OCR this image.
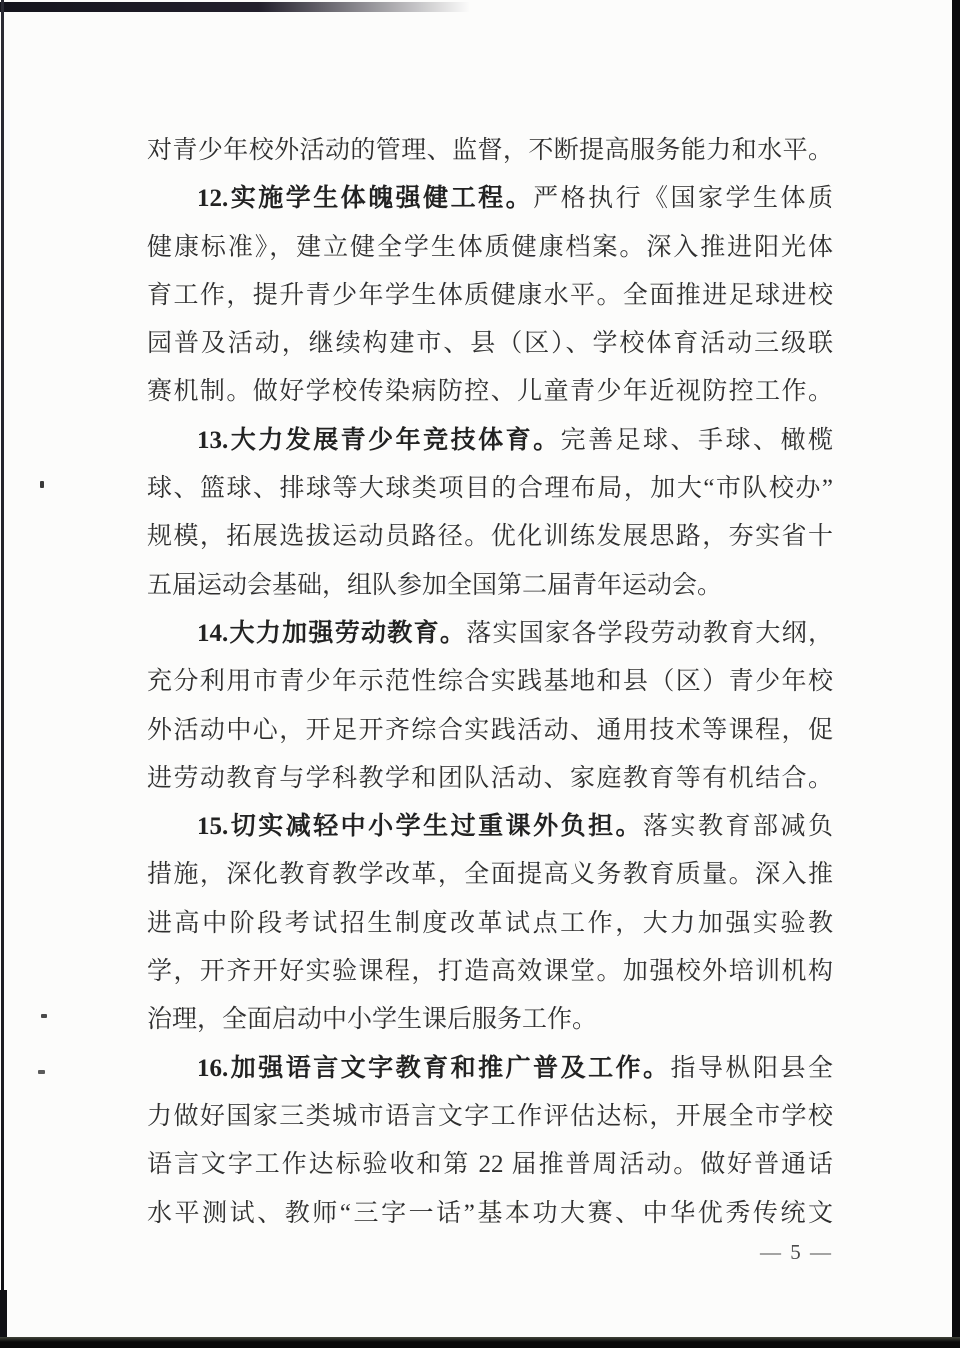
对青少年校外活动的管理、监督，不断提高服务能力和水平。
12.实施学生体魄强健工程。严格执行《国家学生体质
健康标准》，建立健全学生体质健康档案。深入推进阳光体
育工作，提升青少年学生体质健康水平。全面推进足球进校
园普及活动，继续构建市、县（区）、学校体育活动三级联
赛机制。做好学校传染病防控、儿童青少年近视防控工作。
13.大力发展青少年竞技体育。完善足球、手球、橄榄
球、篮球、排球等大球类项目的合理布局，加大“市队校办”
规模，拓展选拔运动员路径。优化训练发展思路，夯实省十
五届运动会基础，组队参加全国第二届青年运动会。
14.大力加强劳动教育。落实国家各学段劳动教育大纲，
充分利用市青少年示范性综合实践基地和县（区）青少年校
外活动中心，开足开齐综合实践活动、通用技术等课程，促
进劳动教育与学科教学和团队活动、家庭教育等有机结合。
15.切实减轻中小学生过重课外负担。落实教育部减负
措施，深化教育教学改革，全面提高义务教育质量。深入推
进高中阶段考试招生制度改革试点工作，大力加强实验教
学，开齐开好实验课程，打造高效课堂。加强校外培训机构
治理，全面启动中小学生课后服务工作。
16.加强语言文字教育和推广普及工作。指导枞阳县全
力做好国家三类城市语言文字工作评估达标，开展全市学校
语言文字工作达标验收和第 22 届推普周活动。做好普通话
水平测试、教师“三字一话”基本功大赛、中华优秀传统文
— 5 —
